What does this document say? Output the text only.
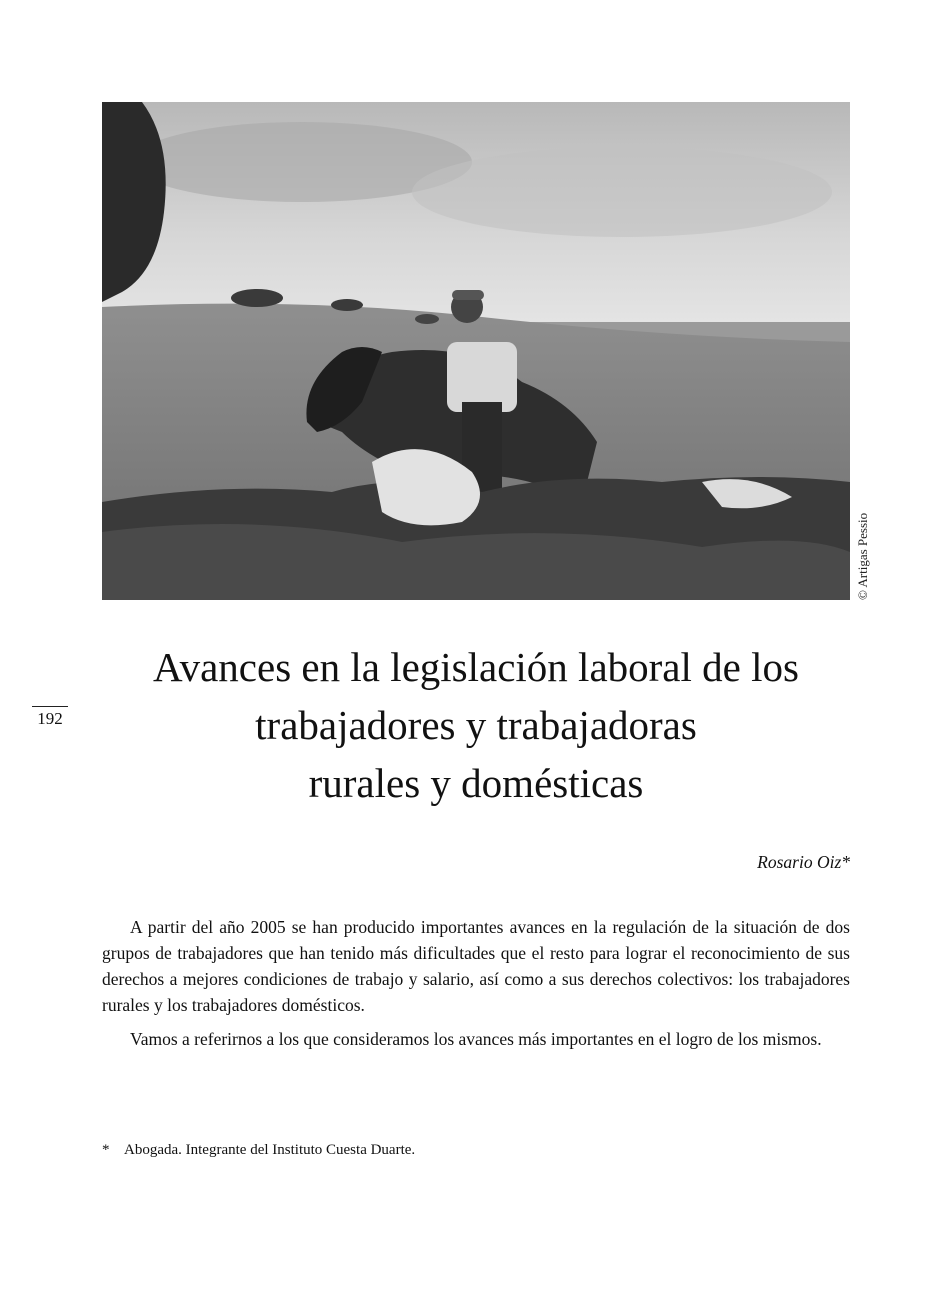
© Artigas Pessio
192
Avances en la legislación laboral de los
trabajadores y trabajadoras
rurales y domésticas
Rosario Oiz*

A partir del año 2005 se han producido importantes avances en la regulación de la situación de dos grupos de trabajadores que han tenido más dificultades que el resto para lograr el reconocimiento de sus derechos a mejores condiciones de trabajo y salario, así como a sus derechos colectivos: los trabajadores rurales y los trabajadores domésticos.

Vamos a referirnos a los que consideramos los avances más importantes en el logro de los mismos.

* Abogada. Integrante del Instituto Cuesta Duarte.
